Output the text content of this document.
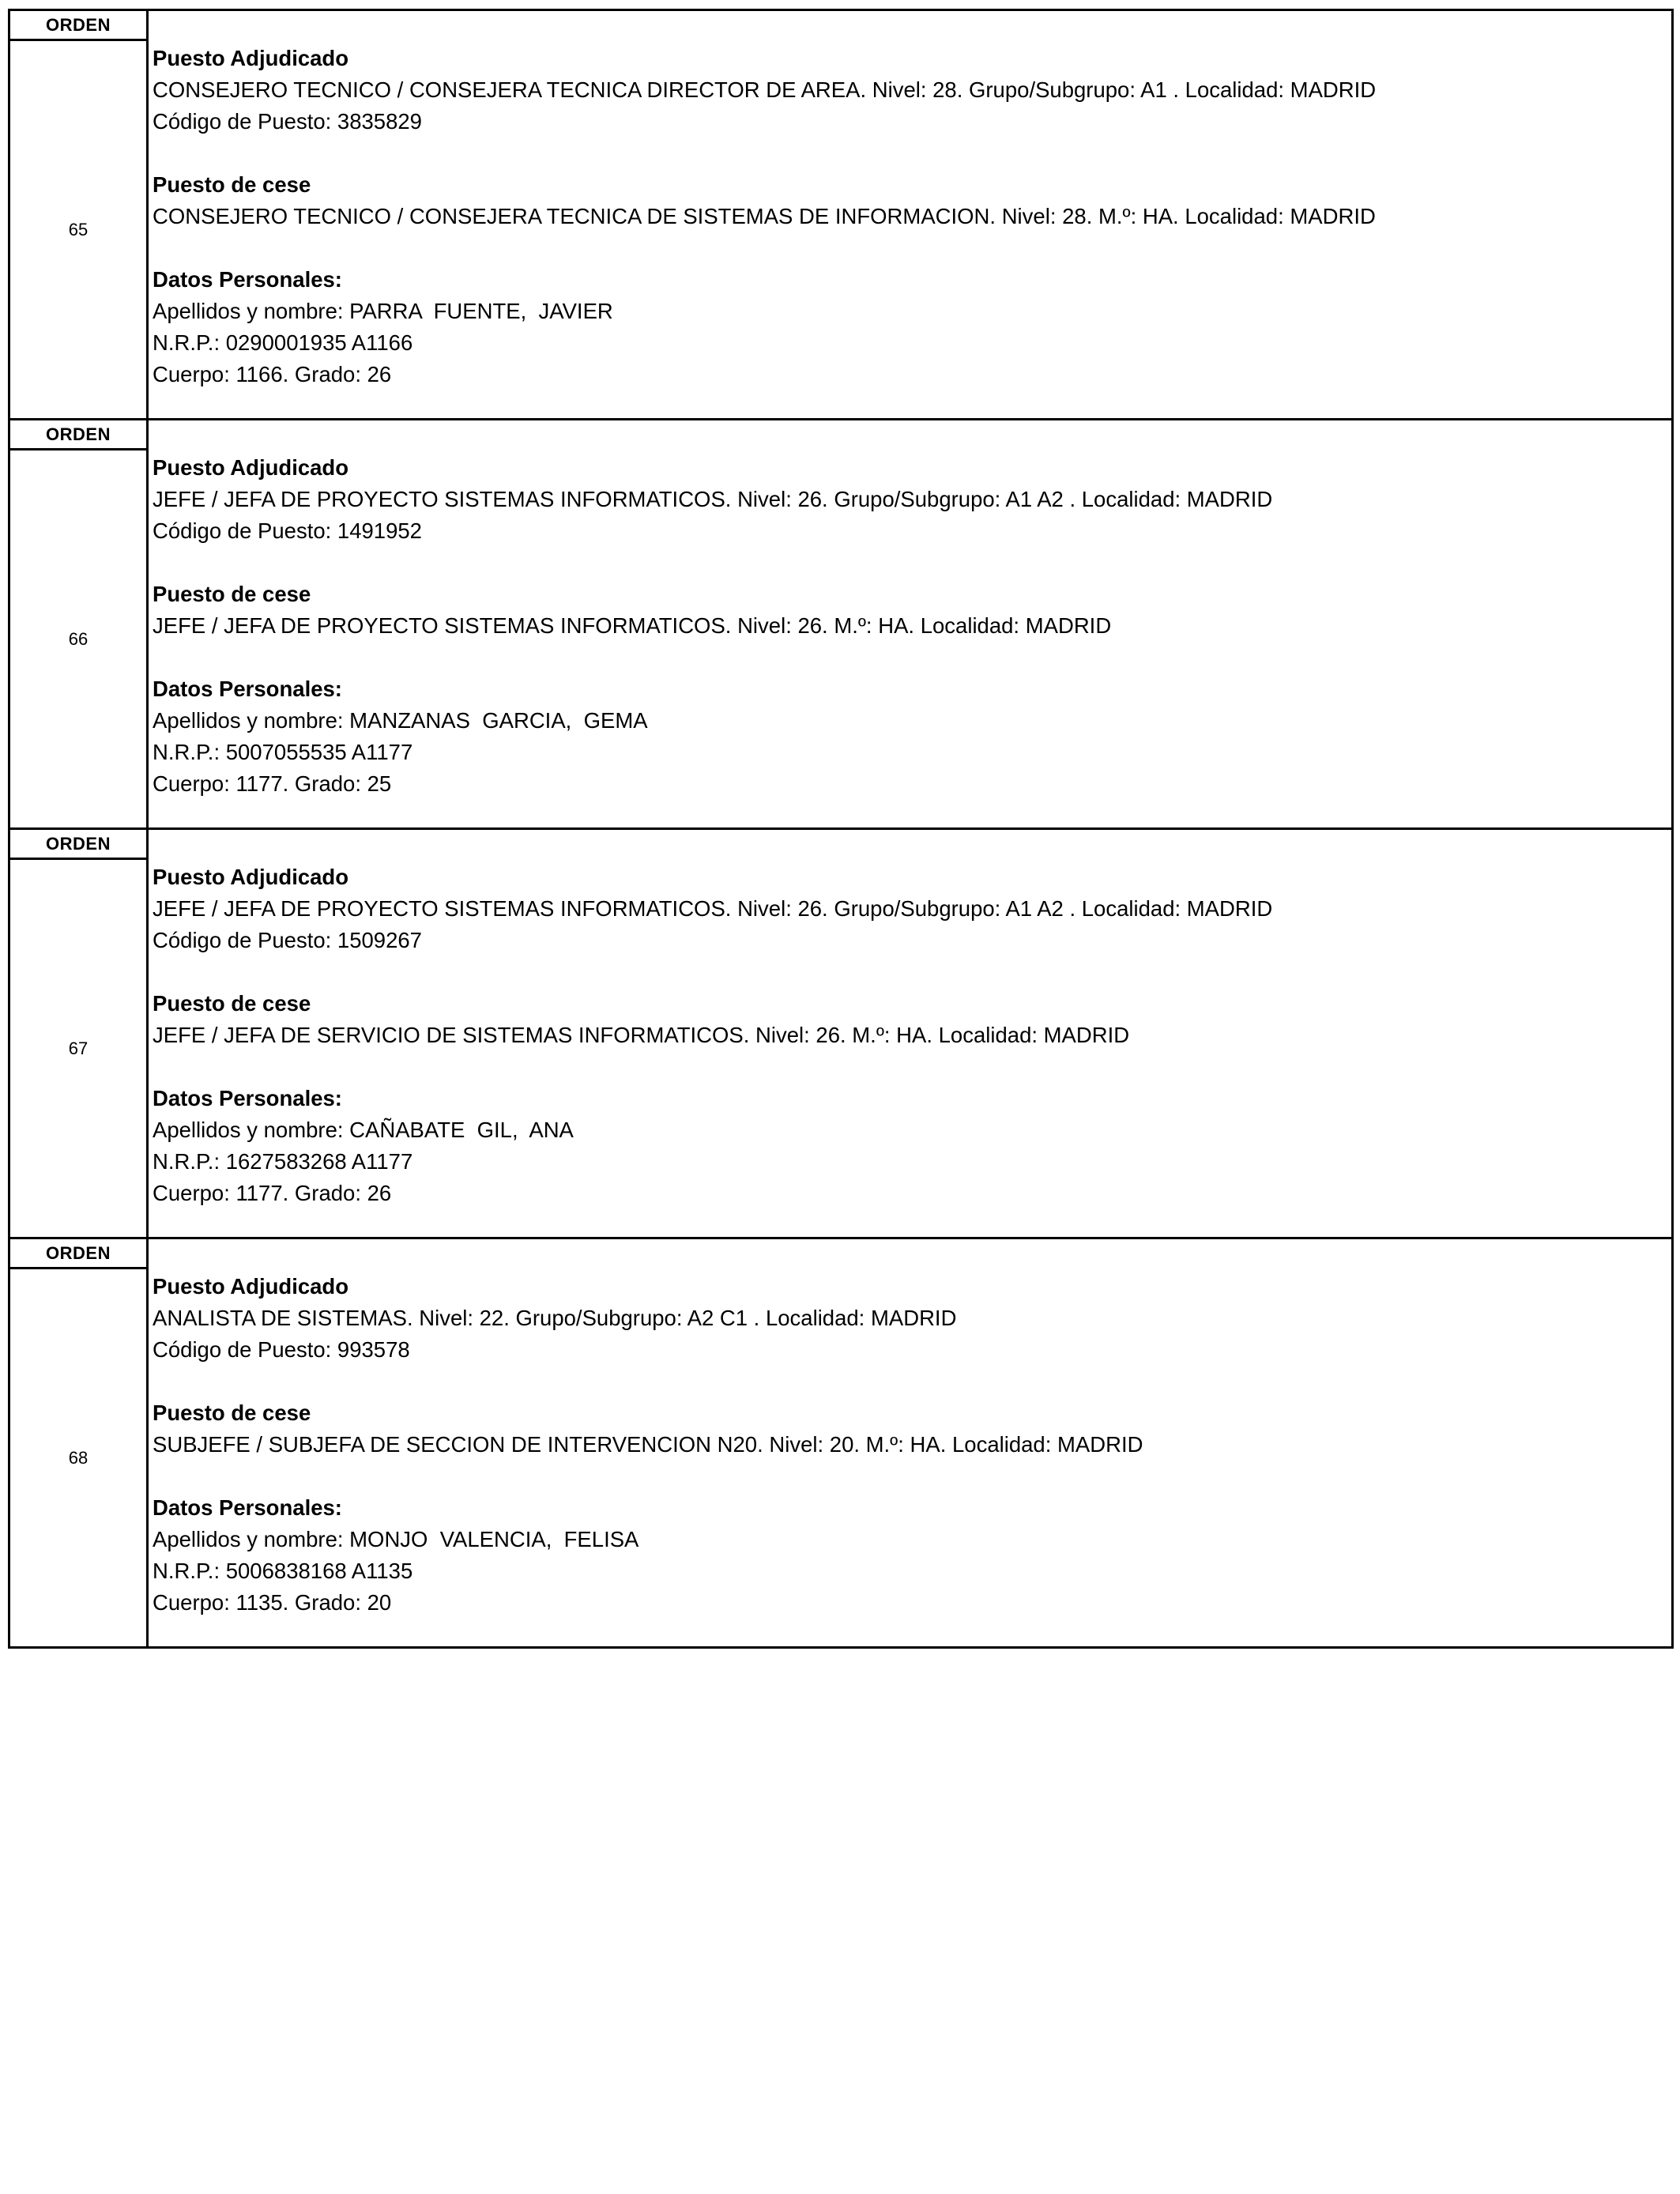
ORDEN
65
Puesto Adjudicado
CONSEJERO TECNICO / CONSEJERA TECNICA DIRECTOR DE AREA. Nivel: 28. Grupo/Subgrupo: A1 . Localidad: MADRID
Código de Puesto: 3835829
Puesto de cese
CONSEJERO TECNICO / CONSEJERA TECNICA DE SISTEMAS DE INFORMACION. Nivel: 28. M.º: HA. Localidad: MADRID
Datos Personales:
Apellidos y nombre: PARRA  FUENTE,  JAVIER
N.R.P.: 0290001935 A1166
Cuerpo: 1166. Grado: 26
ORDEN
66
Puesto Adjudicado
JEFE / JEFA DE PROYECTO SISTEMAS INFORMATICOS. Nivel: 26. Grupo/Subgrupo: A1 A2 . Localidad: MADRID
Código de Puesto: 1491952
Puesto de cese
JEFE / JEFA DE PROYECTO SISTEMAS INFORMATICOS. Nivel: 26. M.º: HA. Localidad: MADRID
Datos Personales:
Apellidos y nombre: MANZANAS  GARCIA,  GEMA
N.R.P.: 5007055535 A1177
Cuerpo: 1177. Grado: 25
ORDEN
67
Puesto Adjudicado
JEFE / JEFA DE PROYECTO SISTEMAS INFORMATICOS. Nivel: 26. Grupo/Subgrupo: A1 A2 . Localidad: MADRID
Código de Puesto: 1509267
Puesto de cese
JEFE / JEFA DE SERVICIO DE SISTEMAS INFORMATICOS. Nivel: 26. M.º: HA. Localidad: MADRID
Datos Personales:
Apellidos y nombre: CAÑABATE  GIL,  ANA
N.R.P.: 1627583268 A1177
Cuerpo: 1177. Grado: 26
ORDEN
68
Puesto Adjudicado
ANALISTA DE SISTEMAS. Nivel: 22. Grupo/Subgrupo: A2 C1 . Localidad: MADRID
Código de Puesto: 993578
Puesto de cese
SUBJEFE / SUBJEFA DE SECCION DE INTERVENCION N20. Nivel: 20. M.º: HA. Localidad: MADRID
Datos Personales:
Apellidos y nombre: MONJO  VALENCIA,  FELISA
N.R.P.: 5006838168 A1135
Cuerpo: 1135. Grado: 20
